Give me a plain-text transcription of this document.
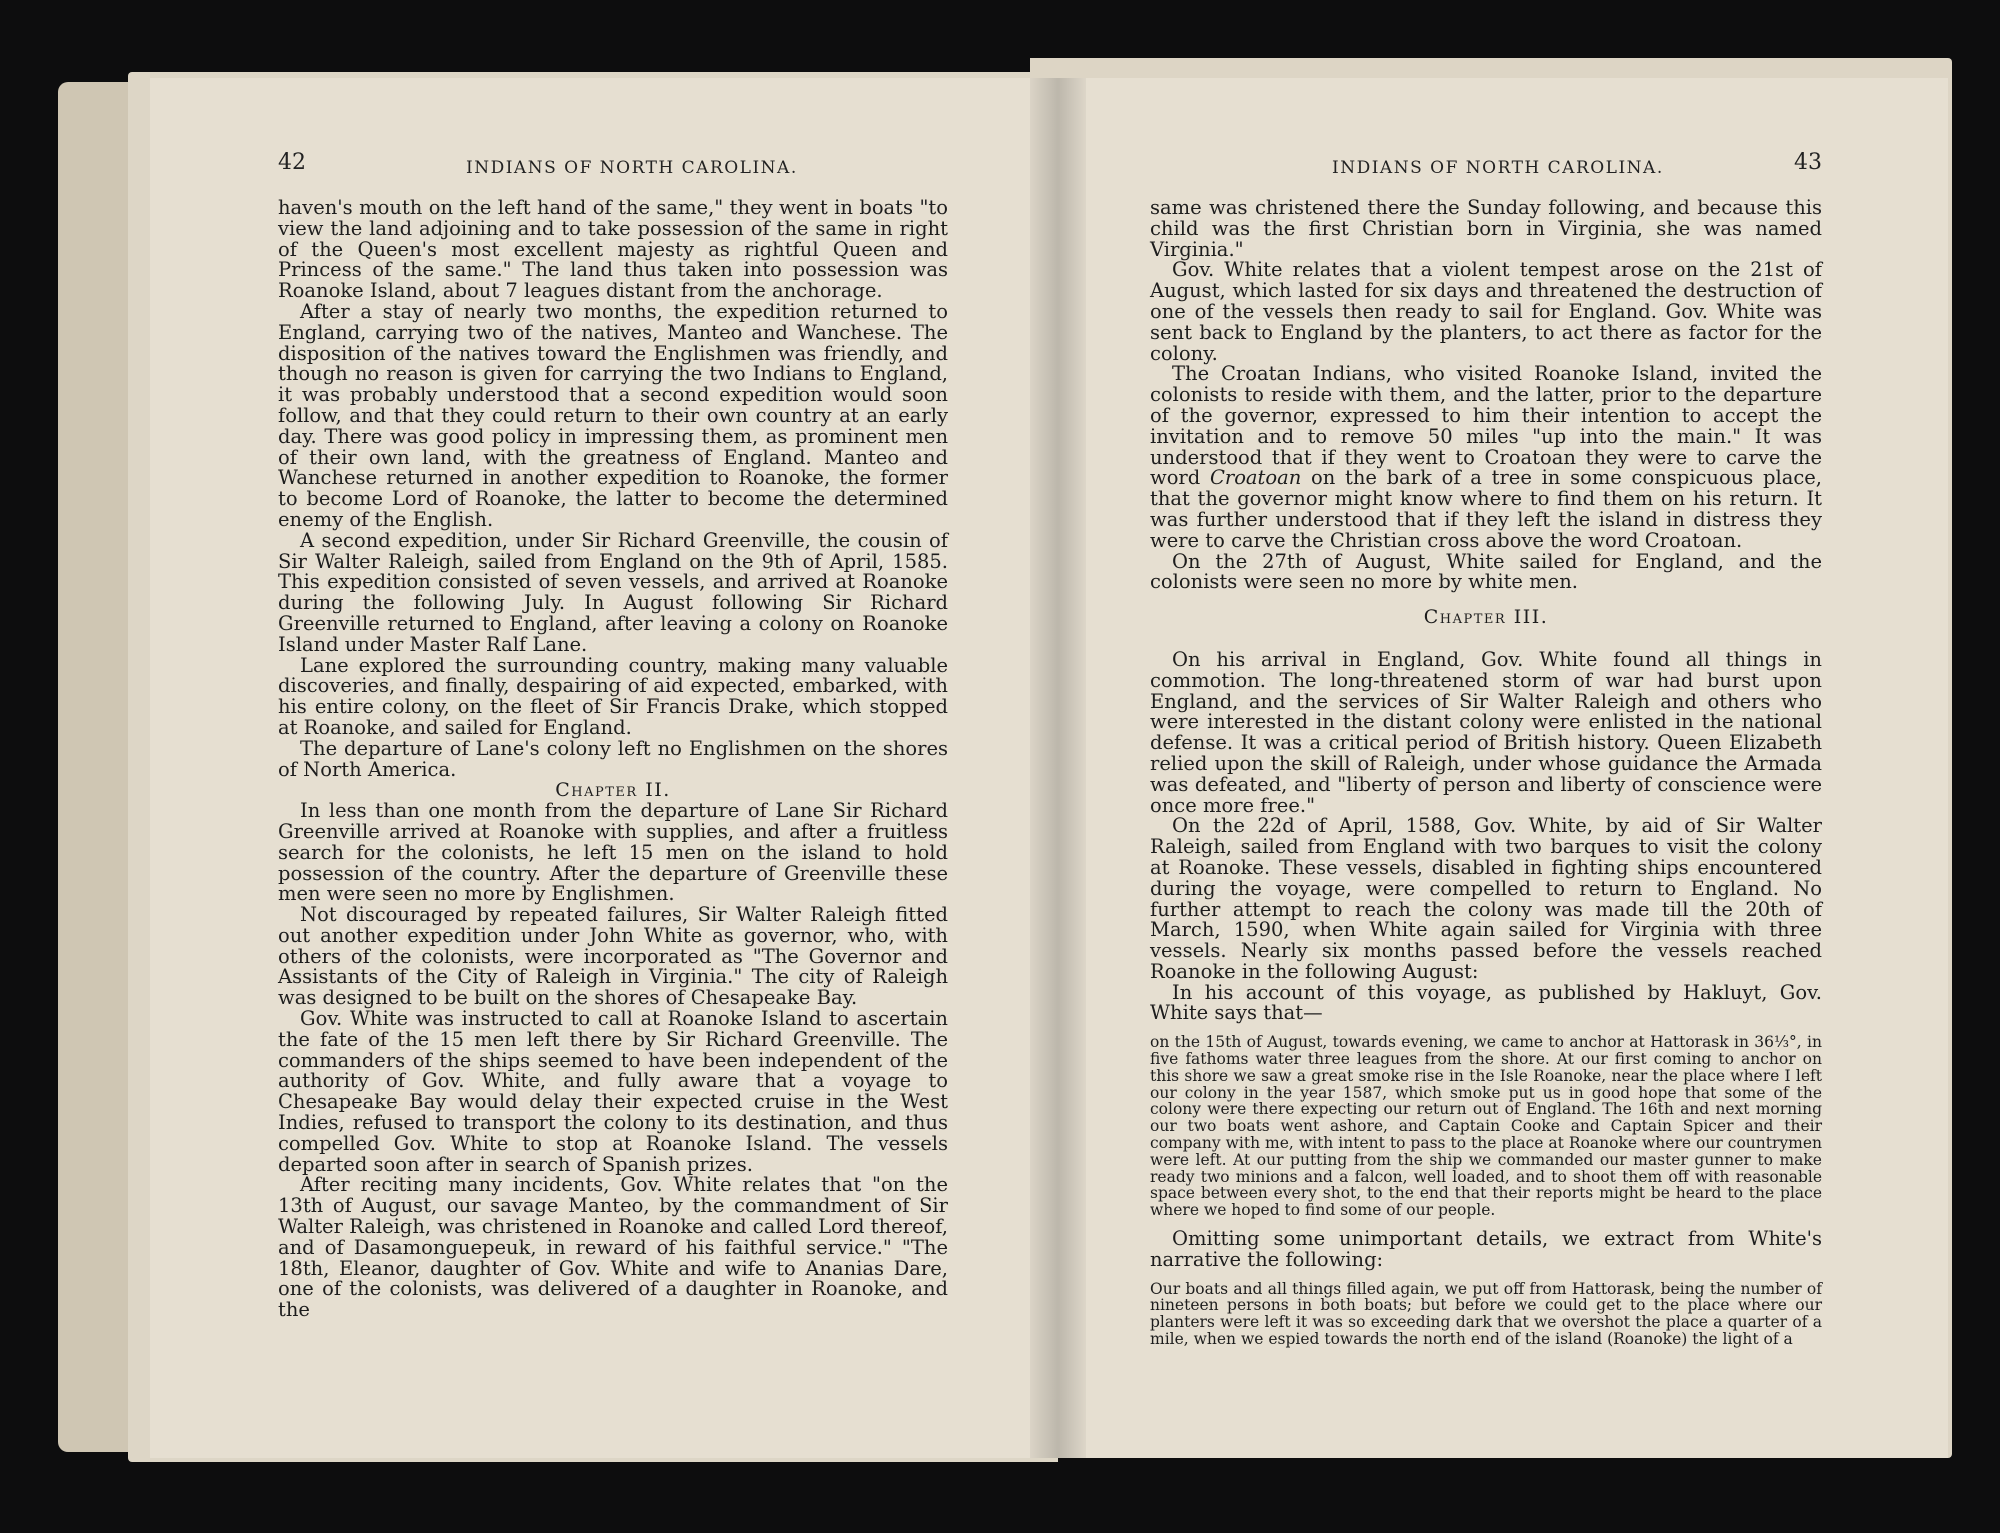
42	INDIANS OF NORTH CAROLINA.

haven's mouth on the left hand of the same," they went in boats "to view the land adjoining and to take possession of the same in right of the Queen's most excellent majesty as rightful Queen and Princess of the same." The land thus taken into possession was Roanoke Island, about 7 leagues distant from the anchorage.

After a stay of nearly two months, the expedition returned to England, carrying two of the natives, Manteo and Wanchese. The disposition of the natives toward the Englishmen was friendly, and though no reason is given for carrying the two Indians to England, it was probably understood that a second expedition would soon follow, and that they could return to their own country at an early day. There was good policy in impressing them, as prominent men of their own land, with the greatness of England. Manteo and Wanchese returned in another expedition to Roanoke, the former to become Lord of Roanoke, the latter to become the determined enemy of the English.

A second expedition, under Sir Richard Greenville, the cousin of Sir Walter Raleigh, sailed from England on the 9th of April, 1585. This expedition consisted of seven vessels, and arrived at Roanoke during the following July. In August following Sir Richard Greenville returned to England, after leaving a colony on Roanoke Island under Master Ralf Lane.

Lane explored the surrounding country, making many valuable discoveries, and finally, despairing of aid expected, embarked, with his entire colony, on the fleet of Sir Francis Drake, which stopped at Roanoke, and sailed for England.

The departure of Lane's colony left no Englishmen on the shores of North America.

Chapter II.

In less than one month from the departure of Lane Sir Richard Greenville arrived at Roanoke with supplies, and after a fruitless search for the colonists, he left 15 men on the island to hold possession of the country. After the departure of Greenville these men were seen no more by Englishmen.

Not discouraged by repeated failures, Sir Walter Raleigh fitted out another expedition under John White as governor, who, with others of the colonists, were incorporated as "The Governor and Assistants of the City of Raleigh in Virginia." The city of Raleigh was designed to be built on the shores of Chesapeake Bay.

Gov. White was instructed to call at Roanoke Island to ascertain the fate of the 15 men left there by Sir Richard Greenville. The commanders of the ships seemed to have been independent of the authority of Gov. White, and fully aware that a voyage to Chesapeake Bay would delay their expected cruise in the West Indies, refused to transport the colony to its destination, and thus compelled Gov. White to stop at Roanoke Island. The vessels departed soon after in search of Spanish prizes.

After reciting many incidents, Gov. White relates that "on the 13th of August, our savage Manteo, by the commandment of Sir Walter Raleigh, was christened in Roanoke and called Lord thereof, and of Dasamonguepeuk, in reward of his faithful service." "The 18th, Eleanor, daughter of Gov. White and wife to Ananias Dare, one of the colonists, was delivered of a daughter in Roanoke, and the

INDIANS OF NORTH CAROLINA.	43

same was christened there the Sunday following, and because this child was the first Christian born in Virginia, she was named Virginia."

Gov. White relates that a violent tempest arose on the 21st of August, which lasted for six days and threatened the destruction of one of the vessels then ready to sail for England. Gov. White was sent back to England by the planters, to act there as factor for the colony.

The Croatan Indians, who visited Roanoke Island, invited the colonists to reside with them, and the latter, prior to the departure of the governor, expressed to him their intention to accept the invitation and to remove 50 miles "up into the main." It was understood that if they went to Croatoan they were to carve the word Croatoan on the bark of a tree in some conspicuous place, that the governor might know where to find them on his return. It was further understood that if they left the island in distress they were to carve the Christian cross above the word Croatoan.

On the 27th of August, White sailed for England, and the colonists were seen no more by white men.

Chapter III.

On his arrival in England, Gov. White found all things in commotion. The long-threatened storm of war had burst upon England, and the services of Sir Walter Raleigh and others who were interested in the distant colony were enlisted in the national defense. It was a critical period of British history. Queen Elizabeth relied upon the skill of Raleigh, under whose guidance the Armada was defeated, and "liberty of person and liberty of conscience were once more free."

On the 22d of April, 1588, Gov. White, by aid of Sir Walter Raleigh, sailed from England with two barques to visit the colony at Roanoke. These vessels, disabled in fighting ships encountered during the voyage, were compelled to return to England. No further attempt to reach the colony was made till the 20th of March, 1590, when White again sailed for Virginia with three vessels. Nearly six months passed before the vessels reached Roanoke in the following August:

In his account of this voyage, as published by Hakluyt, Gov. White says that—

on the 15th of August, towards evening, we came to anchor at Hattorask in 36⅓°, in five fathoms water three leagues from the shore. At our first coming to anchor on this shore we saw a great smoke rise in the Isle Roanoke, near the place where I left our colony in the year 1587, which smoke put us in good hope that some of the colony were there expecting our return out of England. The 16th and next morning our two boats went ashore, and Captain Cooke and Captain Spicer and their company with me, with intent to pass to the place at Roanoke where our countrymen were left. At our putting from the ship we commanded our master gunner to make ready two minions and a falcon, well loaded, and to shoot them off with reasonable space between every shot, to the end that their reports might be heard to the place where we hoped to find some of our people.

Omitting some unimportant details, we extract from White's narrative the following:

Our boats and all things filled again, we put off from Hattorask, being the number of nineteen persons in both boats; but before we could get to the place where our planters were left it was so exceeding dark that we overshot the place a quarter of a mile, when we espied towards the north end of the island (Roanoke) the light of a
